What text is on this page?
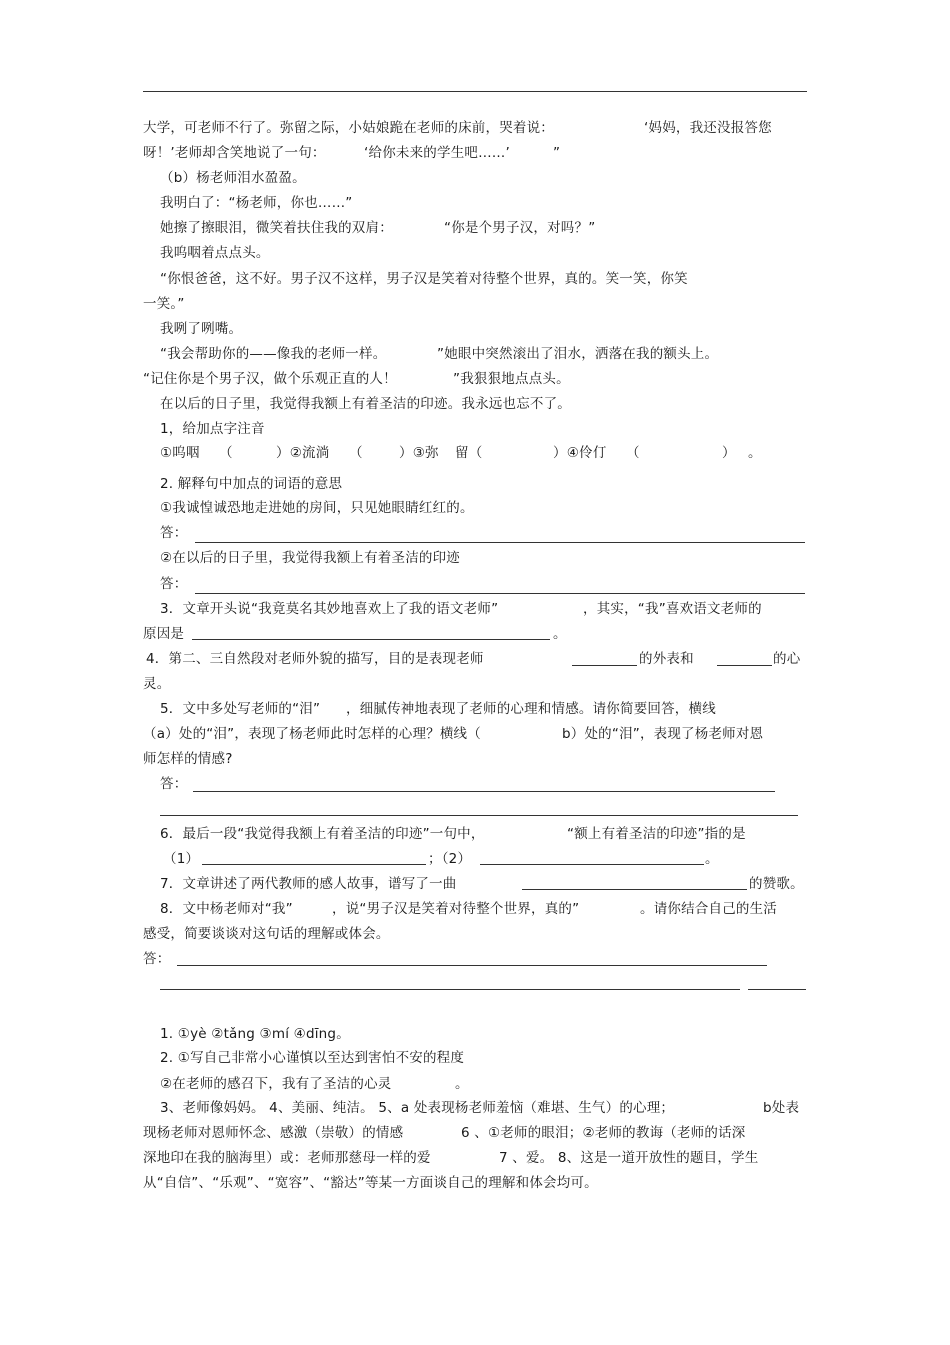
大学，可老师不行了。弥留之际，小姑娘跪在老师的床前，哭着说：	‘妈妈，我还没报答您
呀！’老师却含笑地说了一句：	‘给你未来的学生吧……’	”
（b）杨老师泪水盈盈。
我明白了：“杨老师，你也……”
她擦了擦眼泪，微笑着扶住我的双肩：	“你是个男子汉，对吗？”
我呜咽着点点头。
“你恨爸爸，这不好。男子汉不这样，男子汉是笑着对待整个世界，真的。笑一笑，你笑
一笑。”
我咧了咧嘴。
“我会帮助你的——像我的老师一样。	”她眼中突然滚出了泪水，洒落在我的额头上。
“记住你是个男子汉，做个乐观正直的人！	”我狠狠地点点头。
在以后的日子里，我觉得我额上有着圣洁的印迹。我永远也忘不了。
1，给加点字注音
①呜咽 （	）②流淌 （	）③弥 留（	）④伶仃 （	） 。
2. 解释句中加点的词语的意思
①我诚惶诚恐地走进她的房间，只见她眼睛红红的。
答：
②在以后的日子里，我觉得我额上有着圣洁的印迹
答：
3．文章开头说“我竟莫名其妙地喜欢上了我的语文老师”	，其实，“我”喜欢语文老师的
原因是	。
4．第二、三自然段对老师外貌的描写，目的是表现老师	的外表和	的心
灵。
5．文中多处写老师的“泪” ，细腻传神地表现了老师的心理和情感。请你简要回答，横线
（a）处的“泪”，表现了杨老师此时怎样的心理？横线（	b）处的“泪”，表现了杨老师对恩
师怎样的情感?
答：
6．最后一段“我觉得我额上有着圣洁的印迹”一句中，	“额上有着圣洁的印迹”指的是
（1）	；（2）	。
7．文章讲述了两代教师的感人故事，谱写了一曲	的赞歌。
8．文中杨老师对“我”	，说“男子汉是笑着对待整个世界，真的”	。请你结合自己的生活
感受，简要谈谈对这句话的理解或体会。
答：
1. ①yè ②tǎng ③mí ④dīng。
2. ①写自己非常小心谨慎以至达到害怕不安的程度
②在老师的感召下，我有了圣洁的心灵	。
3、老师像妈妈。 4、美丽、纯洁。 5、a 处表现杨老师羞恼（难堪、生气）的心理；	b处表
现杨老师对恩师怀念、感激（崇敬）的情感	6 、①老师的眼泪；②老师的教诲（老师的话深
深地印在我的脑海里）或：老师那慈母一样的爱	7 、爱。 8、这是一道开放性的题目，学生
从“自信”、“乐观”、“宽容”、“豁达”等某一方面谈自己的理解和体会均可。
